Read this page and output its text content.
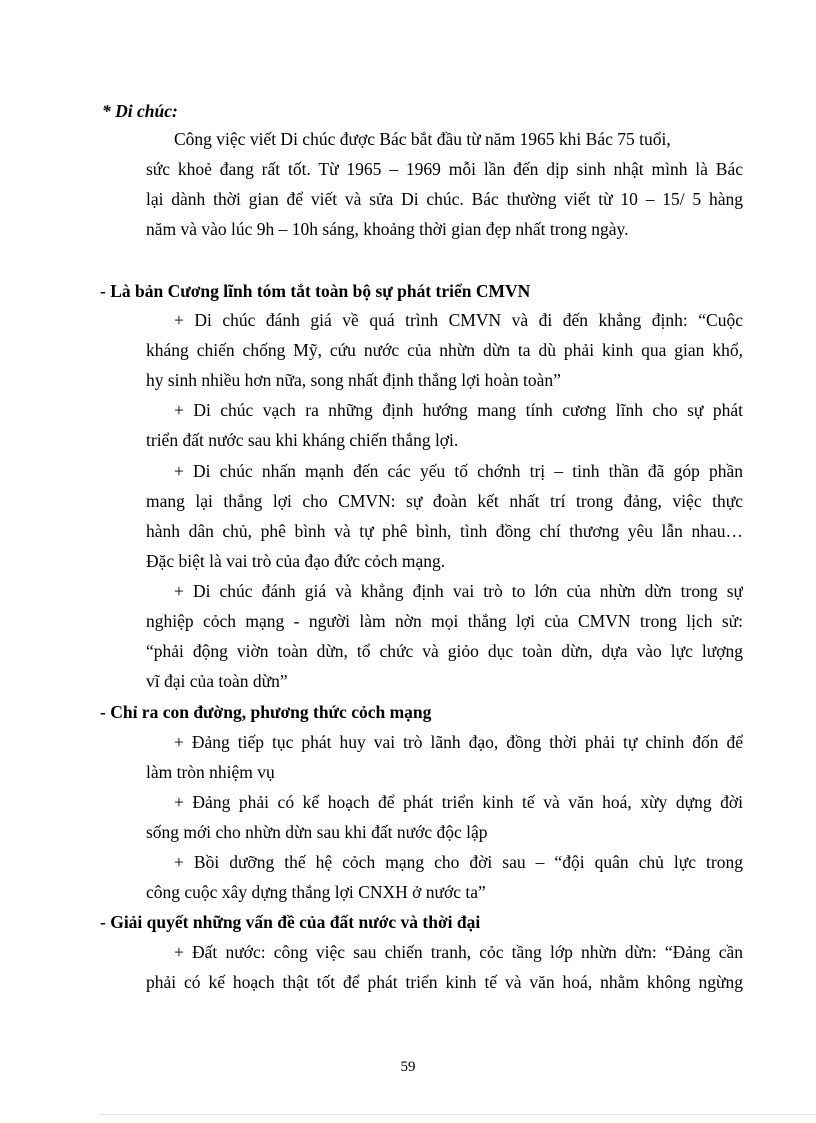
* Di chúc:
Công việc viết Di chúc được Bác bắt đầu từ năm 1965 khi Bác 75 tuổi,
sức khoẻ đang rất tốt. Từ 1965 – 1969 mỗi lần đến dịp sinh nhật mình là Bác
lại dành thời gian để viết và sửa Di chúc. Bác thường viết từ 10 – 15/ 5 hàng
năm và vào lúc 9h – 10h sáng, khoảng thời gian đẹp nhất trong ngày.
- Là bản Cương lĩnh tóm tắt toàn bộ sự phát triển CMVN
+ Di chúc đánh giá về quá trình CMVN và đi đến khẳng định: “Cuộc
kháng chiến chống Mỹ, cứu nước của nhừn dừn ta dù phải kinh qua gian khổ,
hy sinh nhiều hơn nữa, song nhất định thắng lợi hoàn toàn”
+ Di chúc vạch ra những định hướng mang tính cương lĩnh cho sự phát
triển đất nước sau khi kháng chiến thắng lợi.
+ Di chúc nhấn mạnh đến các yếu tố chớnh trị – tinh thần đã góp phần
mang lại thắng lợi cho CMVN: sự đoàn kết nhất trí trong đảng, việc thực
hành dân chủ, phê bình và tự phê bình, tình đồng chí thương yêu lẫn nhau…
Đặc biệt là vai trò của đạo đức cỏch mạng.
+ Di chúc đánh giá và khẳng định vai trò to lớn của nhừn dừn trong sự
nghiệp cỏch mạng - người làm nờn mọi thắng lợi của CMVN trong lịch sử:
“phải động viờn toàn dừn, tổ chức và giỏo dục toàn dừn, dựa vào lực lượng
vĩ đại của toàn dừn”
- Chỉ ra con đường, phương thức cỏch mạng
+ Đảng tiếp tục phát huy vai trò lãnh đạo, đồng thời phải tự chỉnh đốn để
làm tròn nhiệm vụ
+ Đảng phải có kế hoạch để phát triển kinh tế và văn hoá, xừy dựng đời
sống mới cho nhừn dừn sau khi đất nước độc lập
+ Bồi dưỡng thế hệ cỏch mạng cho đời sau – “đội quân chủ lực trong
công cuộc xây dựng thắng lợi CNXH ở nước ta”
- Giải quyết những vấn đề của đất nước và thời đại
+ Đất nước: công việc sau chiến tranh, cỏc tầng lớp nhừn dừn: “Đảng cần
phải có kế hoạch thật tốt để phát triển kinh tế và văn hoá, nhằm không ngừng
59
